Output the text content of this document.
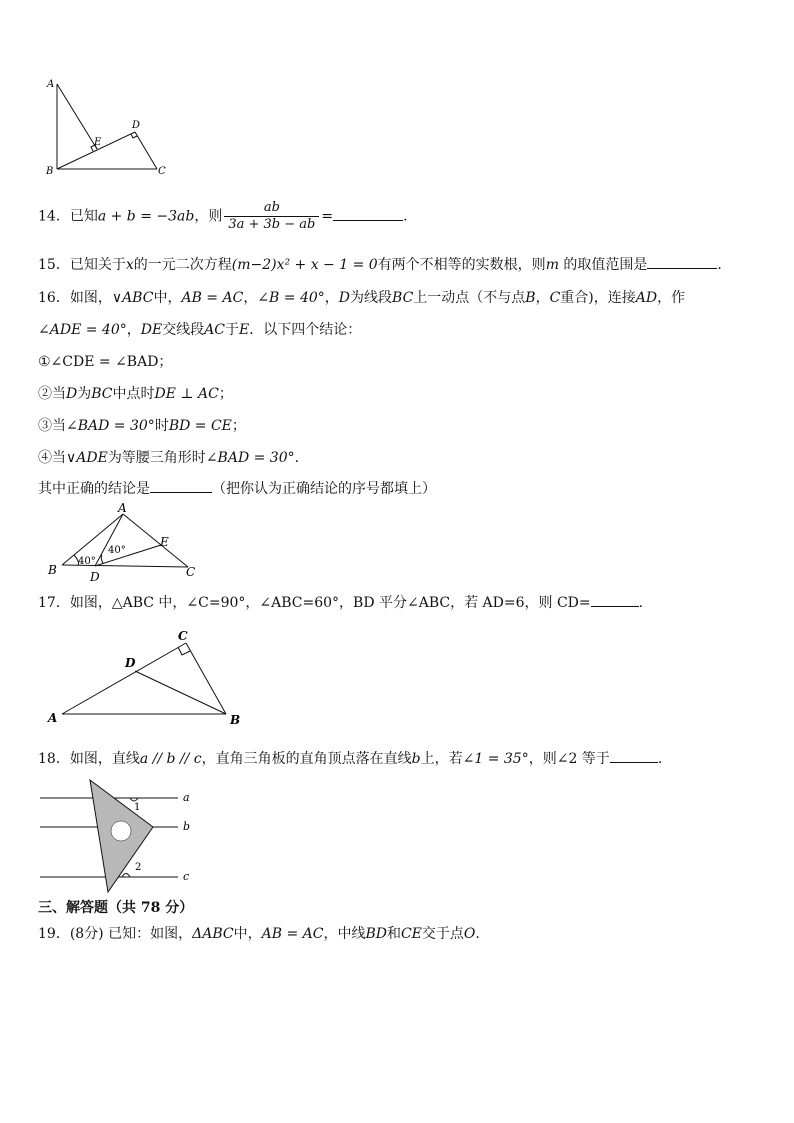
A
B	C
D
E
14．已知a + b = −3ab，则 $\frac{ab}{3a + 3b - ab}$ =	.
15．已知关于x的一元二次方程(m−2)x² + x − 1 = 0有两个不相等的实数根，则m 的取值范围是	.
16．如图，∨ABC中，AB = AC，∠B = 40°，D为线段BC上一动点（不与点B，C重合)，连接AD，作
∠ADE = 40°，DE交线段AC于E．以下四个结论：
①∠CDE = ∠BAD；
②当D为BC中点时DE ⊥ AC；
③当∠BAD = 30°时BD = CE；
④当∨ADE为等腰三角形时∠BAD = 30°．
其中正确的结论是	（把你认为正确结论的序号都填上）
A
B	C
D
E
40°
40°
17．如图，△ABC 中，∠C=90°，∠ABC=60°，BD 平分∠ABC，若 AD=6，则 CD=	.
A	B
C
D
18．如图，直线a // b // c，直角三角板的直角顶点落在直线b上，若∠1 = 35°，则∠2 等于	.
a
b
c
1
2
三、解答题（共 78 分）
19．(8分) 已知：如图，ΔABC中，AB = AC，中线BD和CE交于点O.
